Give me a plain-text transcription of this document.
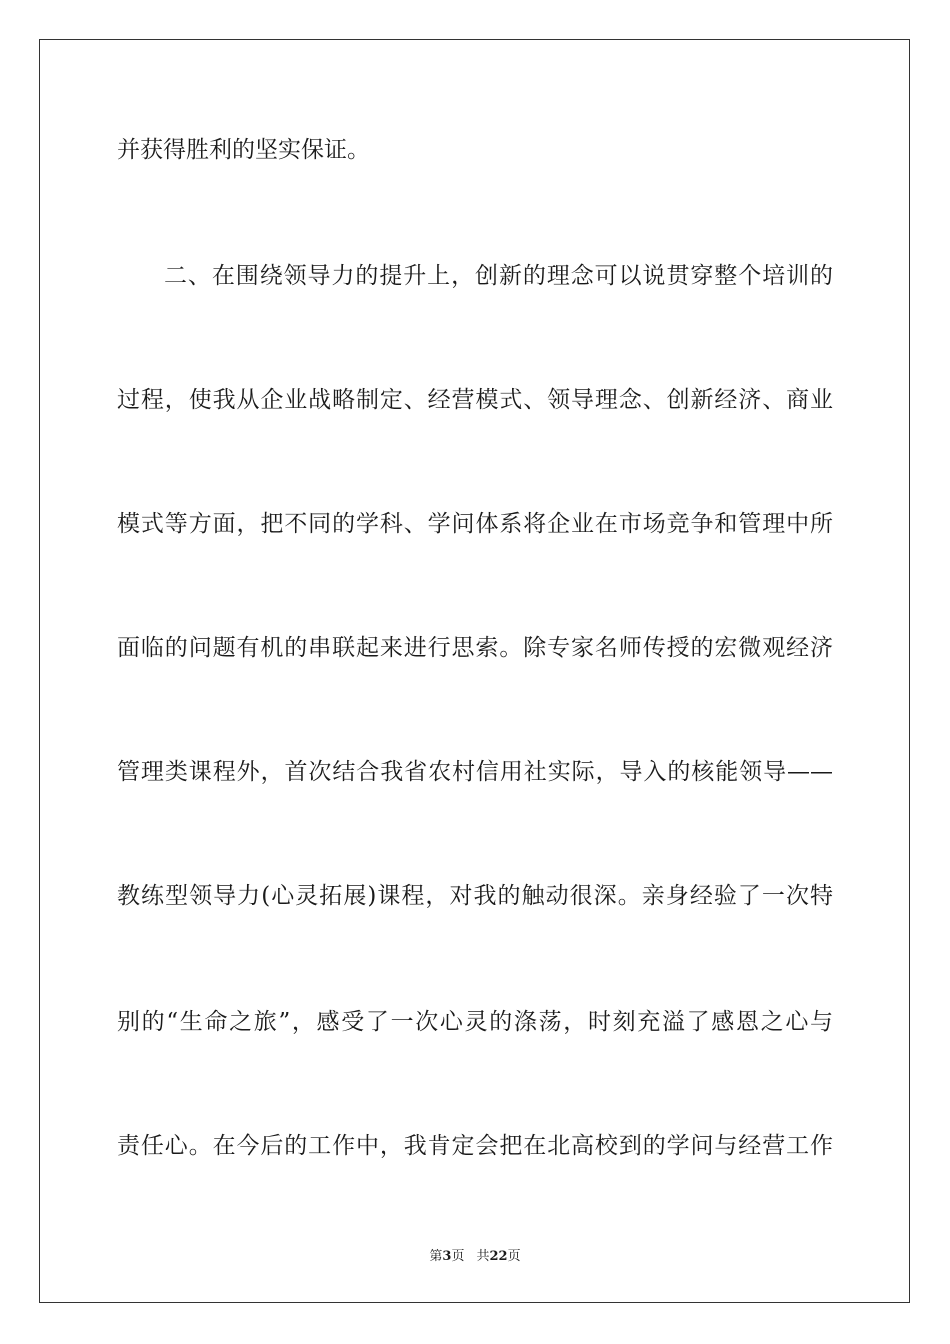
并获得胜利的坚实保证。

二、在围绕领导力的提升上，创新的理念可以说贯穿整个培训的

过程，使我从企业战略制定、经营模式、领导理念、创新经济、商业

模式等方面，把不同的学科、学问体系将企业在市场竞争和管理中所

面临的问题有机的串联起来进行思索。除专家名师传授的宏微观经济

管理类课程外，首次结合我省农村信用社实际，导入的核能领导——

教练型领导力(心灵拓展)课程，对我的触动很深。亲身经验了一次特

别的“生命之旅”，感受了一次心灵的涤荡，时刻充溢了感恩之心与

责任心。在今后的工作中，我肯定会把在北高校到的学问与经营工作

第3页 共22页
